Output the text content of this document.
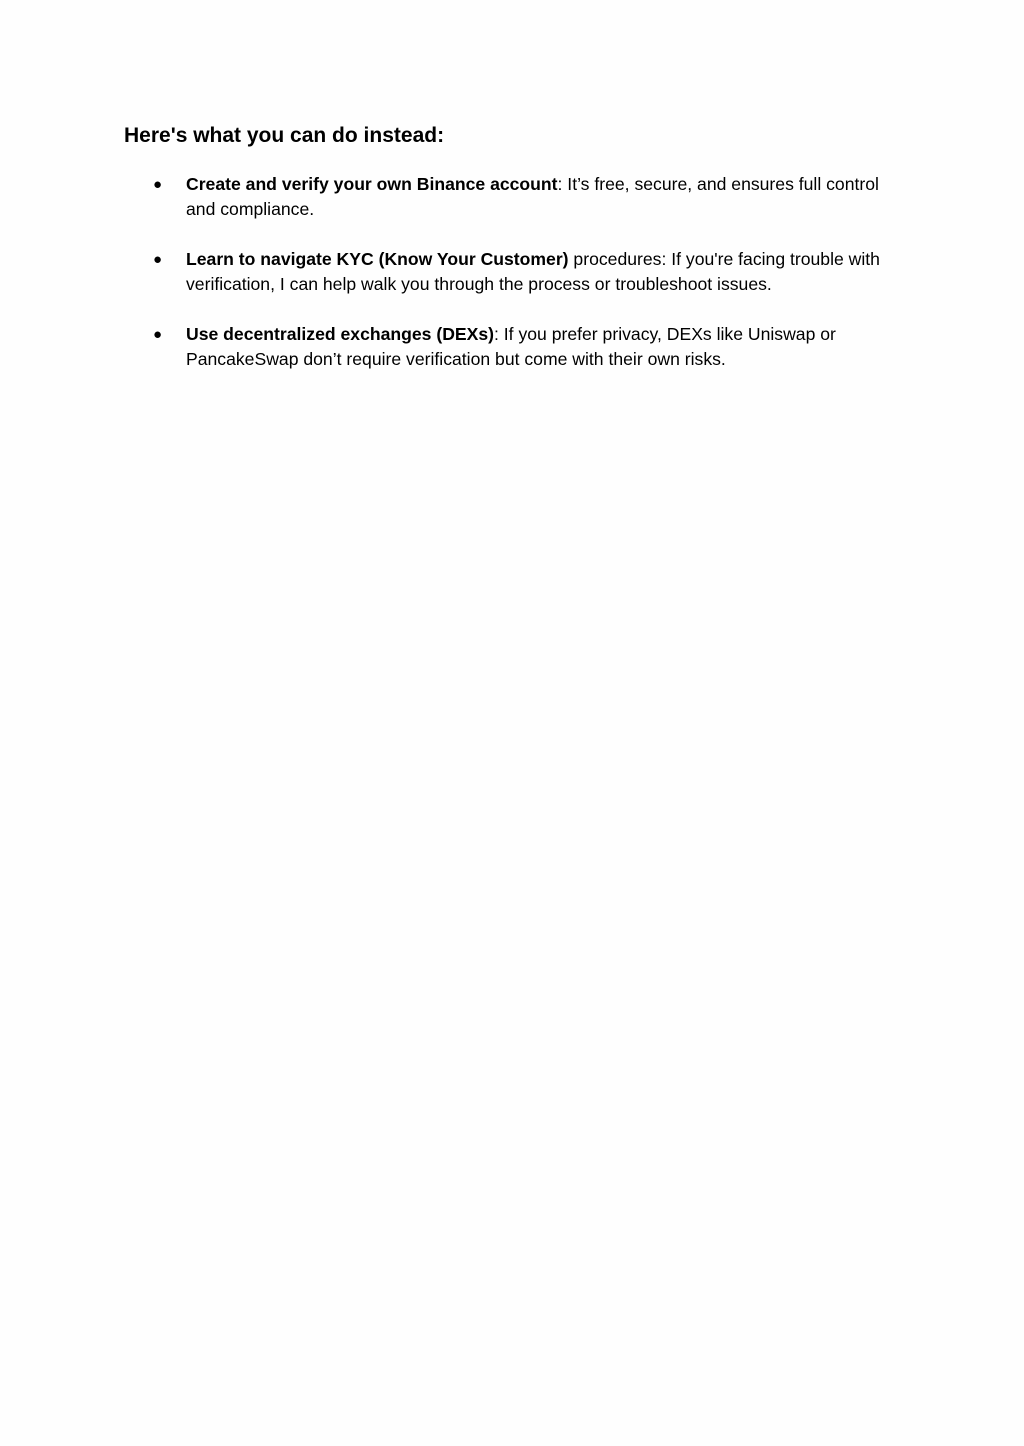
Here's what you can do instead:
● Create and verify your own Binance account: It’s free, secure, and ensures full control and compliance.

● Learn to navigate KYC (Know Your Customer) procedures: If you're facing trouble with verification, I can help walk you through the process or troubleshoot issues.

● Use decentralized exchanges (DEXs): If you prefer privacy, DEXs like Uniswap or PancakeSwap don’t require verification but come with their own risks.
